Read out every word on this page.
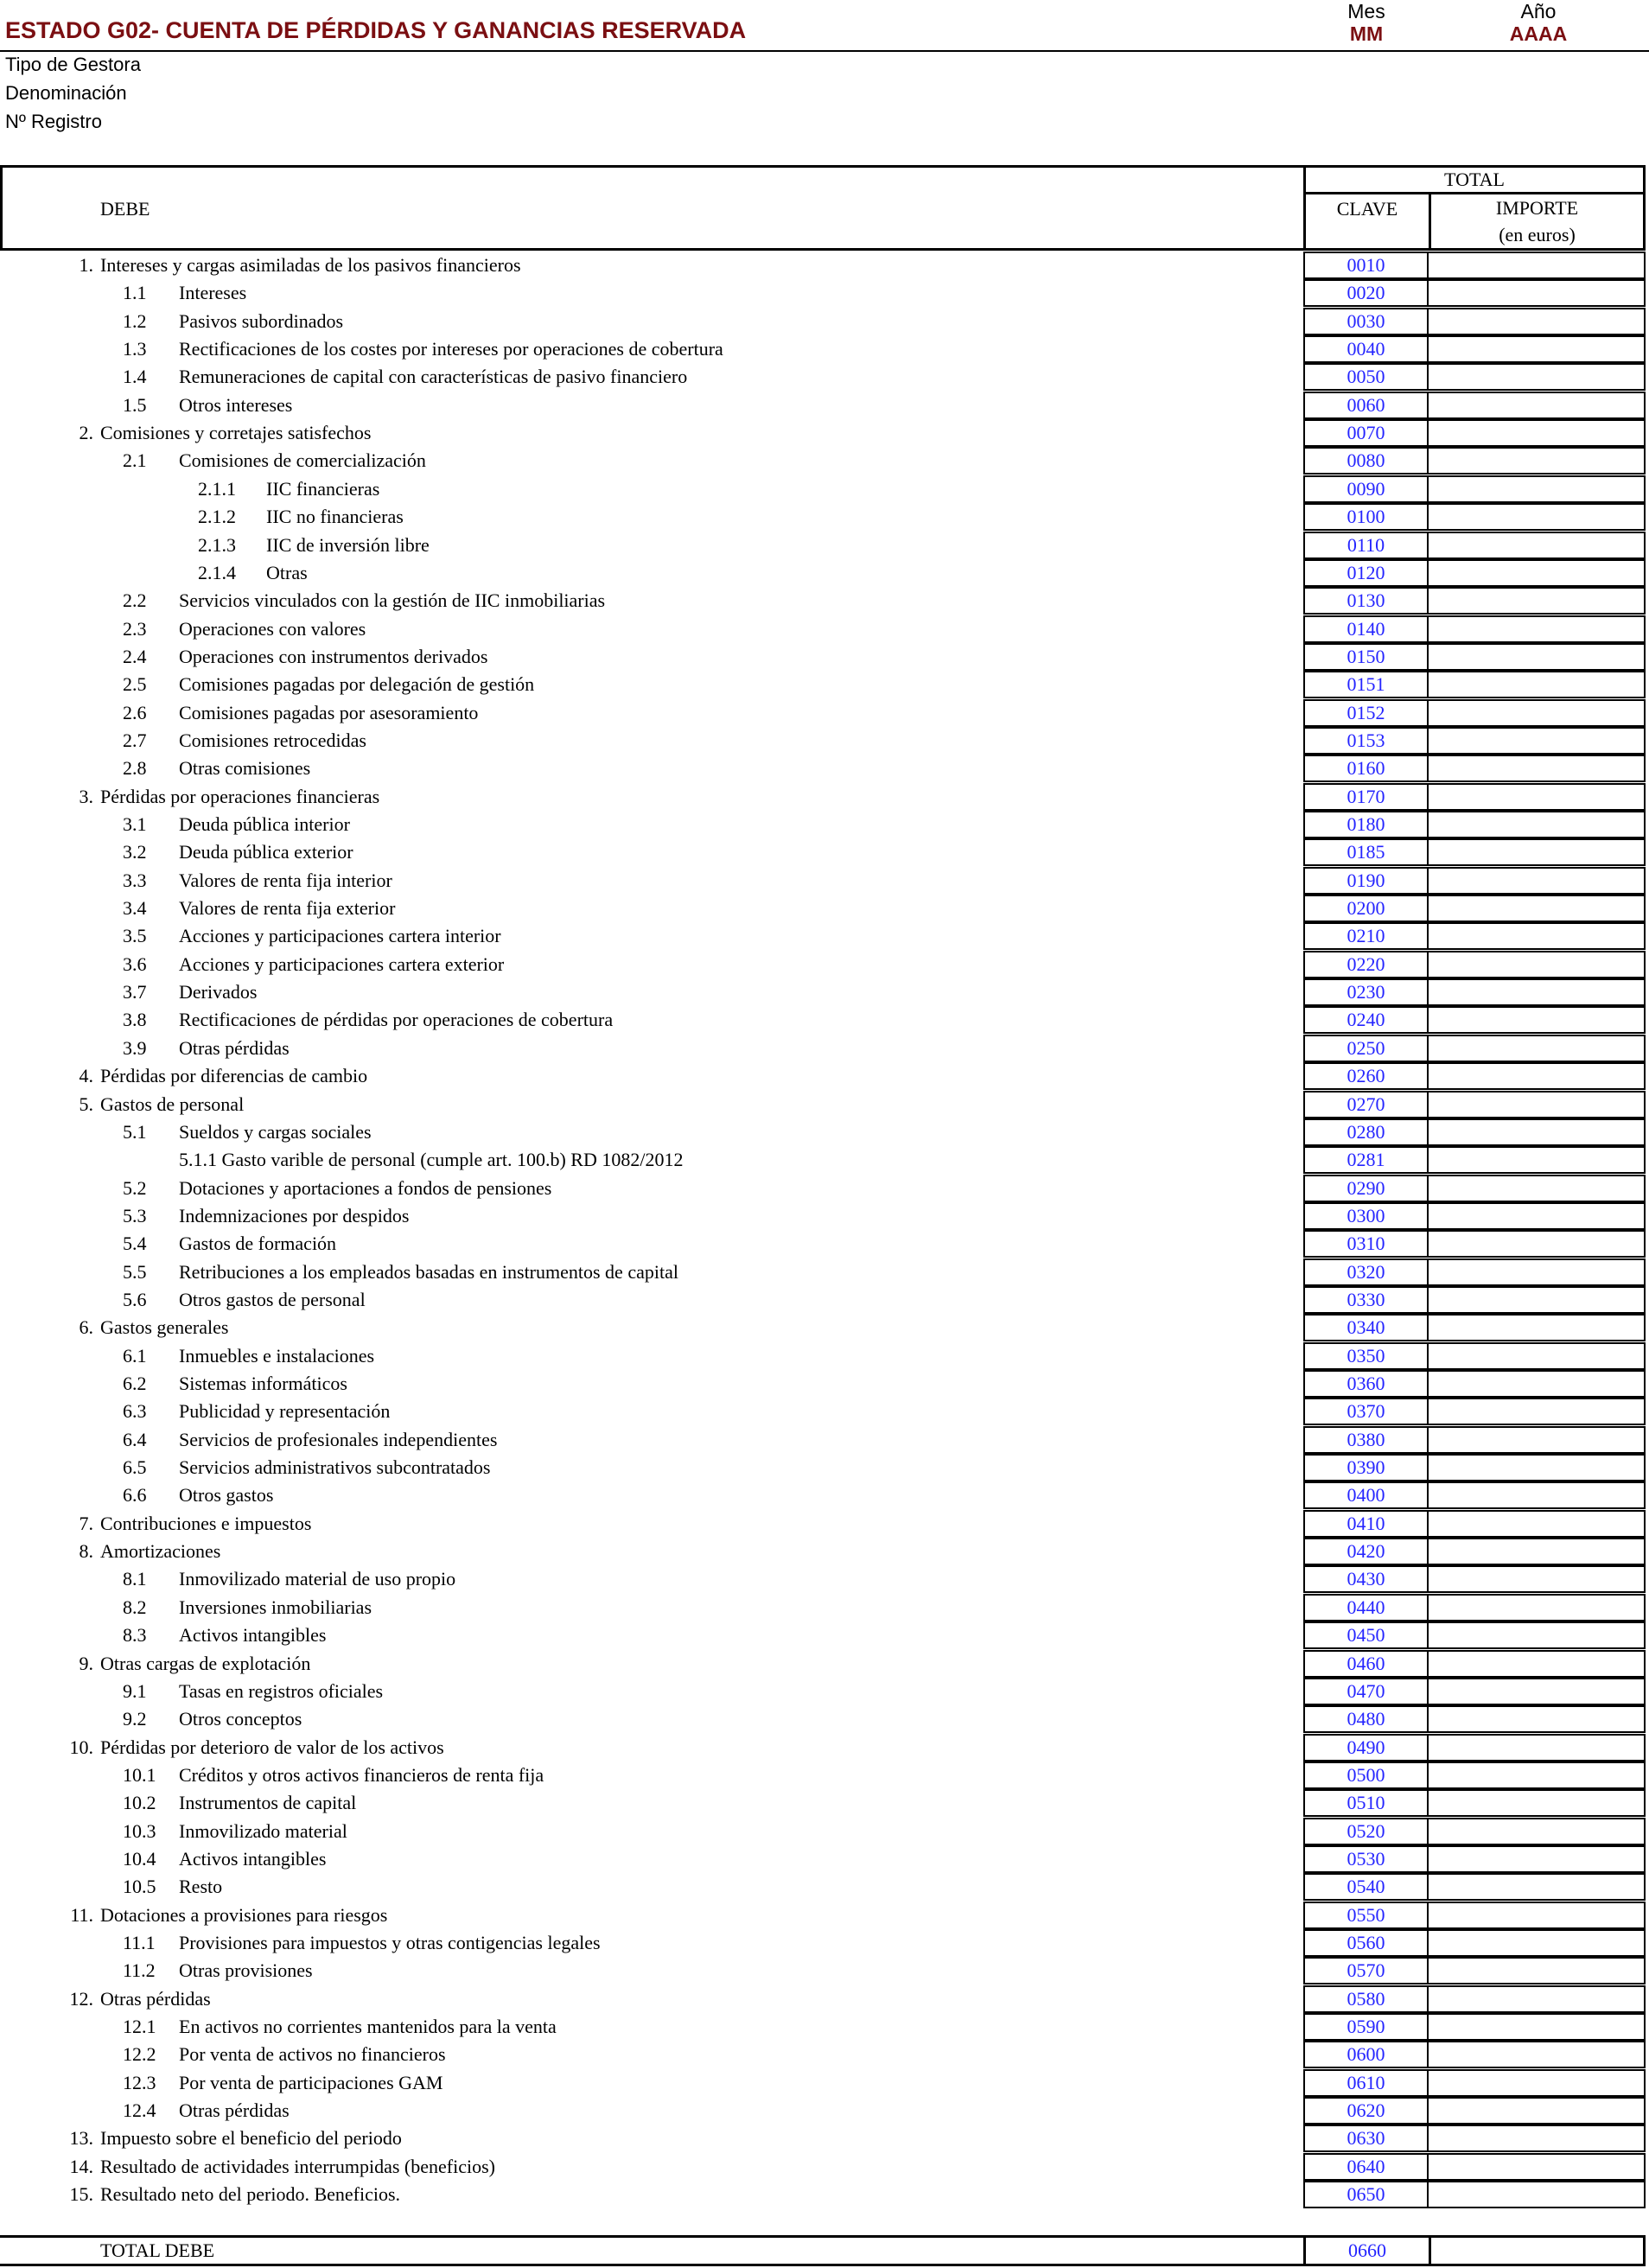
ESTADO G02- CUENTA DE PÉRDIDAS Y GANANCIAS RESERVADA
Mes
MM
Año
AAAA
Tipo de Gestora
Denominación
Nº Registro
DEBE
TOTAL
CLAVE	IMPORTE
(en euros)
1. Intereses y cargas asimiladas de los pasivos financieros	0010
1.1 Intereses	0020
1.2 Pasivos subordinados	0030
1.3 Rectificaciones de los costes por intereses por operaciones de cobertura	0040
1.4 Remuneraciones de capital con características de pasivo financiero	0050
1.5 Otros intereses	0060
2. Comisiones y corretajes satisfechos	0070
2.1 Comisiones de comercialización	0080
2.1.1 IIC financieras	0090
2.1.2 IIC no financieras	0100
2.1.3 IIC de inversión libre	0110
2.1.4 Otras	0120
2.2 Servicios vinculados con la gestión de IIC inmobiliarias	0130
2.3 Operaciones con valores	0140
2.4 Operaciones con instrumentos derivados	0150
2.5 Comisiones pagadas por delegación de gestión	0151
2.6 Comisiones pagadas por asesoramiento	0152
2.7 Comisiones retrocedidas	0153
2.8 Otras comisiones	0160
3. Pérdidas por operaciones financieras	0170
3.1 Deuda pública interior	0180
3.2 Deuda pública exterior	0185
3.3 Valores de renta fija interior	0190
3.4 Valores de renta fija exterior	0200
3.5 Acciones y participaciones cartera interior	0210
3.6 Acciones y participaciones cartera exterior	0220
3.7 Derivados	0230
3.8 Rectificaciones de pérdidas por operaciones de cobertura	0240
3.9 Otras pérdidas	0250
4. Pérdidas por diferencias de cambio	0260
5. Gastos de personal	0270
5.1 Sueldos y cargas sociales	0280
5.1.1 Gasto varible de personal (cumple art. 100.b) RD 1082/2012	0281
5.2 Dotaciones y aportaciones a fondos de pensiones	0290
5.3 Indemnizaciones por despidos	0300
5.4 Gastos de formación	0310
5.5 Retribuciones a los empleados basadas en instrumentos de capital	0320
5.6 Otros gastos de personal	0330
6. Gastos generales	0340
6.1 Inmuebles e instalaciones	0350
6.2 Sistemas informáticos	0360
6.3 Publicidad y representación	0370
6.4 Servicios de profesionales independientes	0380
6.5 Servicios administrativos subcontratados	0390
6.6 Otros gastos	0400
7. Contribuciones e impuestos	0410
8. Amortizaciones	0420
8.1 Inmovilizado material de uso propio	0430
8.2 Inversiones inmobiliarias	0440
8.3 Activos intangibles	0450
9. Otras cargas de explotación	0460
9.1 Tasas en registros oficiales	0470
9.2 Otros conceptos	0480
10. Pérdidas por deterioro de valor de los activos	0490
10.1 Créditos y otros activos financieros de renta fija	0500
10.2 Instrumentos de capital	0510
10.3 Inmovilizado material	0520
10.4 Activos intangibles	0530
10.5 Resto	0540
11. Dotaciones a provisiones para riesgos	0550
11.1 Provisiones para impuestos y otras contigencias legales	0560
11.2 Otras provisiones	0570
12. Otras pérdidas	0580
12.1 En activos no corrientes mantenidos para la venta	0590
12.2 Por venta de activos no financieros	0600
12.3 Por venta de participaciones GAM	0610
12.4 Otras pérdidas	0620
13. Impuesto sobre el beneficio del periodo	0630
14. Resultado de actividades interrumpidas (beneficios)	0640
15. Resultado neto del periodo. Beneficios.	0650
TOTAL DEBE	0660
